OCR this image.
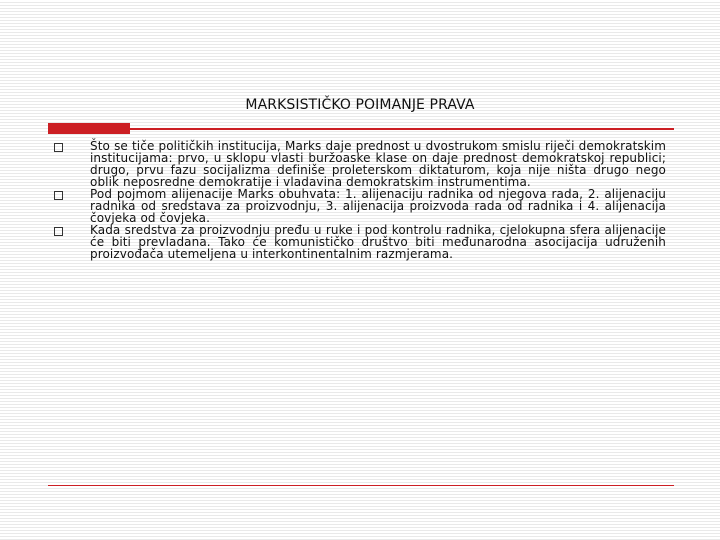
MARKSISTIČKO POIMANJE PRAVA
Što se tiče političkih institucija, Marks daje prednost u dvostrukom smislu riječi demokratskim institucijama: prvo, u sklopu vlasti buržoaske klase on daje prednost demokratskoj republici; drugo, prvu fazu socijalizma definiše proleterskom diktaturom, koja nije ništa drugo nego oblik neposredne demokratije i vladavina demokratskim instrumentima.
Pod pojmom alijenacije Marks obuhvata: 1. alijenaciju radnika od njegova rada, 2. alijenaciju radnika od sredstava za proizvodnju, 3. alijenacija proizvoda rada od radnika i 4. alijenacija čovjeka od čovjeka.
Kada sredstva za proizvodnju pređu u ruke i pod kontrolu radnika, cjelokupna sfera alijenacije će biti prevladana. Tako će komunističko društvo biti međunarodna asocijacija udruženih proizvođača utemeljena u interkontinentalnim razmjerama.
